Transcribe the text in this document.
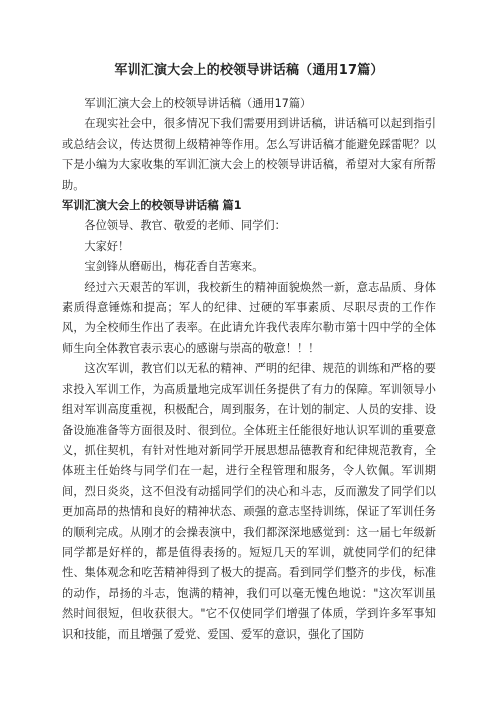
军训汇演大会上的校领导讲话稿（通用17篇）

军训汇演大会上的校领导讲话稿（通用17篇）

在现实社会中，很多情况下我们需要用到讲话稿，讲话稿可以起到指引或总结会议，传达贯彻上级精神等作用。怎么写讲话稿才能避免踩雷呢？以下是小编为大家收集的军训汇演大会上的校领导讲话稿，希望对大家有所帮助。

军训汇演大会上的校领导讲话稿 篇1

各位领导、教官、敬爱的老师、同学们：

大家好！

宝剑锋从磨砺出，梅花香自苦寒来。

经过六天艰苦的军训，我校新生的精神面貌焕然一新，意志品质、身体素质得意锤炼和提高；军人的纪律、过硬的军事素质、尽职尽责的工作作风，为全校师生作出了表率。在此请允许我代表库尔勒市第十四中学的全体师生向全体教官表示衷心的感谢与崇高的敬意！！！

这次军训，教官们以无私的精神、严明的纪律、规范的训练和严格的要求投入军训工作，为高质量地完成军训任务提供了有力的保障。军训领导小组对军训高度重视，积极配合，周到服务，在计划的制定、人员的安排、设备设施准备等方面很及时、很到位。全体班主任能很好地认识军训的重要意义，抓住契机，有针对性地对新同学开展思想品德教育和纪律规范教育，全体班主任始终与同学们在一起，进行全程管理和服务，令人钦佩。军训期间，烈日炎炎，这不但没有动摇同学们的决心和斗志，反而激发了同学们以更加高昂的热情和良好的精神状态、顽强的意志坚持训练，保证了军训任务的顺利完成。从刚才的会操表演中，我们都深深地感觉到：这一届七年级新同学都是好样的，都是值得表扬的。短短几天的军训，就使同学们的纪律性、集体观念和吃苦精神得到了极大的提高。看到同学们整齐的步伐，标准的动作，昂扬的斗志，饱满的精神，我们可以毫无愧色地说："这次军训虽然时间很短，但收获很大。"它不仅使同学们增强了体质，学到许多军事知识和技能，而且增强了爱党、爱国、爱军的意识，强化了国防
